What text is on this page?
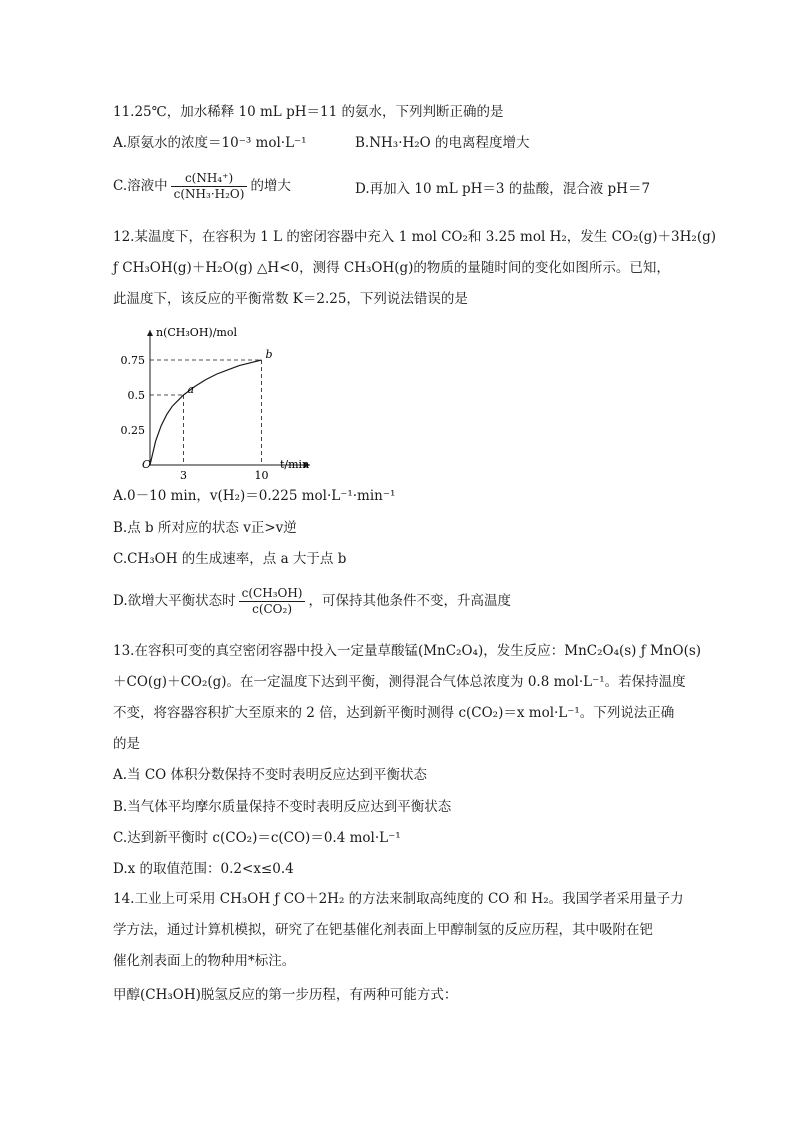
11.25℃，加水稀释 10 mL pH＝11 的氨水，下列判断正确的是
A.原氨水的浓度＝10⁻³ mol·L⁻¹	B.NH₃·H₂O 的电离程度增大
C.溶液中 $\frac{\text{c(NH₄⁺)}}{\text{c(NH₃·H₂O)}}$ 的增大	D.再加入 10 mL pH＝3 的盐酸，混合液 pH＝7
12.某温度下，在容积为 1 L 的密闭容器中充入 1 mol CO₂和 3.25 mol H₂，发生 CO₂(g)＋3H₂(g)
ƒ CH₃OH(g)＋H₂O(g) △H<0，测得 CH₃OH(g)的物质的量随时间的变化如图所示。已知，
此温度下，该反应的平衡常数 K＝2.25，下列说法错误的是
n(CH₃OH)/mol
t/min
O
0.75
0.5
0.25
3	10
a
b
A.0－10 min，v(H₂)＝0.225 mol·L⁻¹·min⁻¹
B.点 b 所对应的状态 v正>v逆
C.CH₃OH 的生成速率，点 a 大于点 b
D.欲增大平衡状态时 $\frac{\text{c(CH₃OH)}}{\text{c(CO₂)}}$ ，可保持其他条件不变，升高温度
13.在容积可变的真空密闭容器中投入一定量草酸锰(MnC₂O₄)，发生反应：MnC₂O₄(s) ƒ MnO(s)
＋CO(g)＋CO₂(g)。在一定温度下达到平衡，测得混合气体总浓度为 0.8 mol·L⁻¹。若保持温度
不变，将容器容积扩大至原来的 2 倍，达到新平衡时测得 c(CO₂)＝x mol·L⁻¹。下列说法正确
的是
A.当 CO 体积分数保持不变时表明反应达到平衡状态
B.当气体平均摩尔质量保持不变时表明反应达到平衡状态
C.达到新平衡时 c(CO₂)＝c(CO)＝0.4 mol·L⁻¹
D.x 的取值范围：0.2<x≤0.4
14.工业上可采用 CH₃OH ƒ CO＋2H₂ 的方法来制取高纯度的 CO 和 H₂。我国学者采用量子力
学方法，通过计算机模拟，研究了在钯基催化剂表面上甲醇制氢的反应历程，其中吸附在钯
催化剂表面上的物种用*标注。
甲醇(CH₃OH)脱氢反应的第一步历程，有两种可能方式：
